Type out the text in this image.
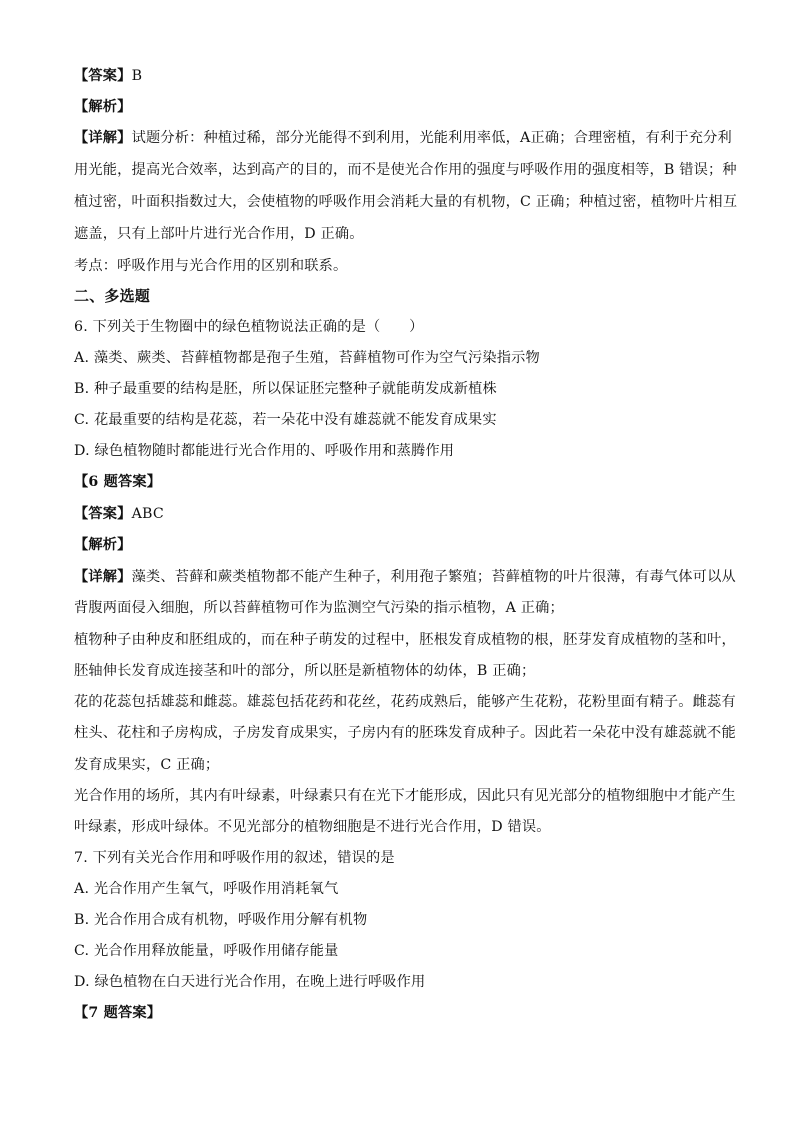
【答案】B
【解析】
【详解】试题分析：种植过稀，部分光能得不到利用，光能利用率低，A正确；合理密植，有利于充分利
用光能，提高光合效率，达到高产的目的，而不是使光合作用的强度与呼吸作用的强度相等，B 错误；种
植过密，叶面积指数过大，会使植物的呼吸作用会消耗大量的有机物，C 正确；种植过密，植物叶片相互
遮盖，只有上部叶片进行光合作用，D 正确。
考点：呼吸作用与光合作用的区别和联系。
二、多选题
6. 下列关于生物圈中的绿色植物说法正确的是（　　）
A. 藻类、蕨类、苔藓植物都是孢子生殖，苔藓植物可作为空气污染指示物
B. 种子最重要的结构是胚，所以保证胚完整种子就能萌发成新植株
C. 花最重要的结构是花蕊，若一朵花中没有雄蕊就不能发育成果实
D. 绿色植物随时都能进行光合作用的、呼吸作用和蒸腾作用
【6 题答案】
【答案】ABC
【解析】
【详解】藻类、苔藓和蕨类植物都不能产生种子，利用孢子繁殖；苔藓植物的叶片很薄，有毒气体可以从
背腹两面侵入细胞，所以苔藓植物可作为监测空气污染的指示植物，A 正确；
植物种子由种皮和胚组成的，而在种子萌发的过程中，胚根发育成植物的根，胚芽发育成植物的茎和叶，
胚轴伸长发育成连接茎和叶的部分，所以胚是新植物体的幼体，B 正确；
花的花蕊包括雄蕊和雌蕊。雄蕊包括花药和花丝，花药成熟后，能够产生花粉，花粉里面有精子。雌蕊有
柱头、花柱和子房构成，子房发育成果实，子房内有的胚珠发育成种子。因此若一朵花中没有雄蕊就不能
发育成果实，C 正确；
光合作用的场所，其内有叶绿素，叶绿素只有在光下才能形成，因此只有见光部分的植物细胞中才能产生
叶绿素，形成叶绿体。不见光部分的植物细胞是不进行光合作用，D 错误。
7. 下列有关光合作用和呼吸作用的叙述，错误的是
A. 光合作用产生氧气，呼吸作用消耗氧气
B. 光合作用合成有机物，呼吸作用分解有机物
C. 光合作用释放能量，呼吸作用储存能量
D. 绿色植物在白天进行光合作用，在晚上进行呼吸作用
【7 题答案】
